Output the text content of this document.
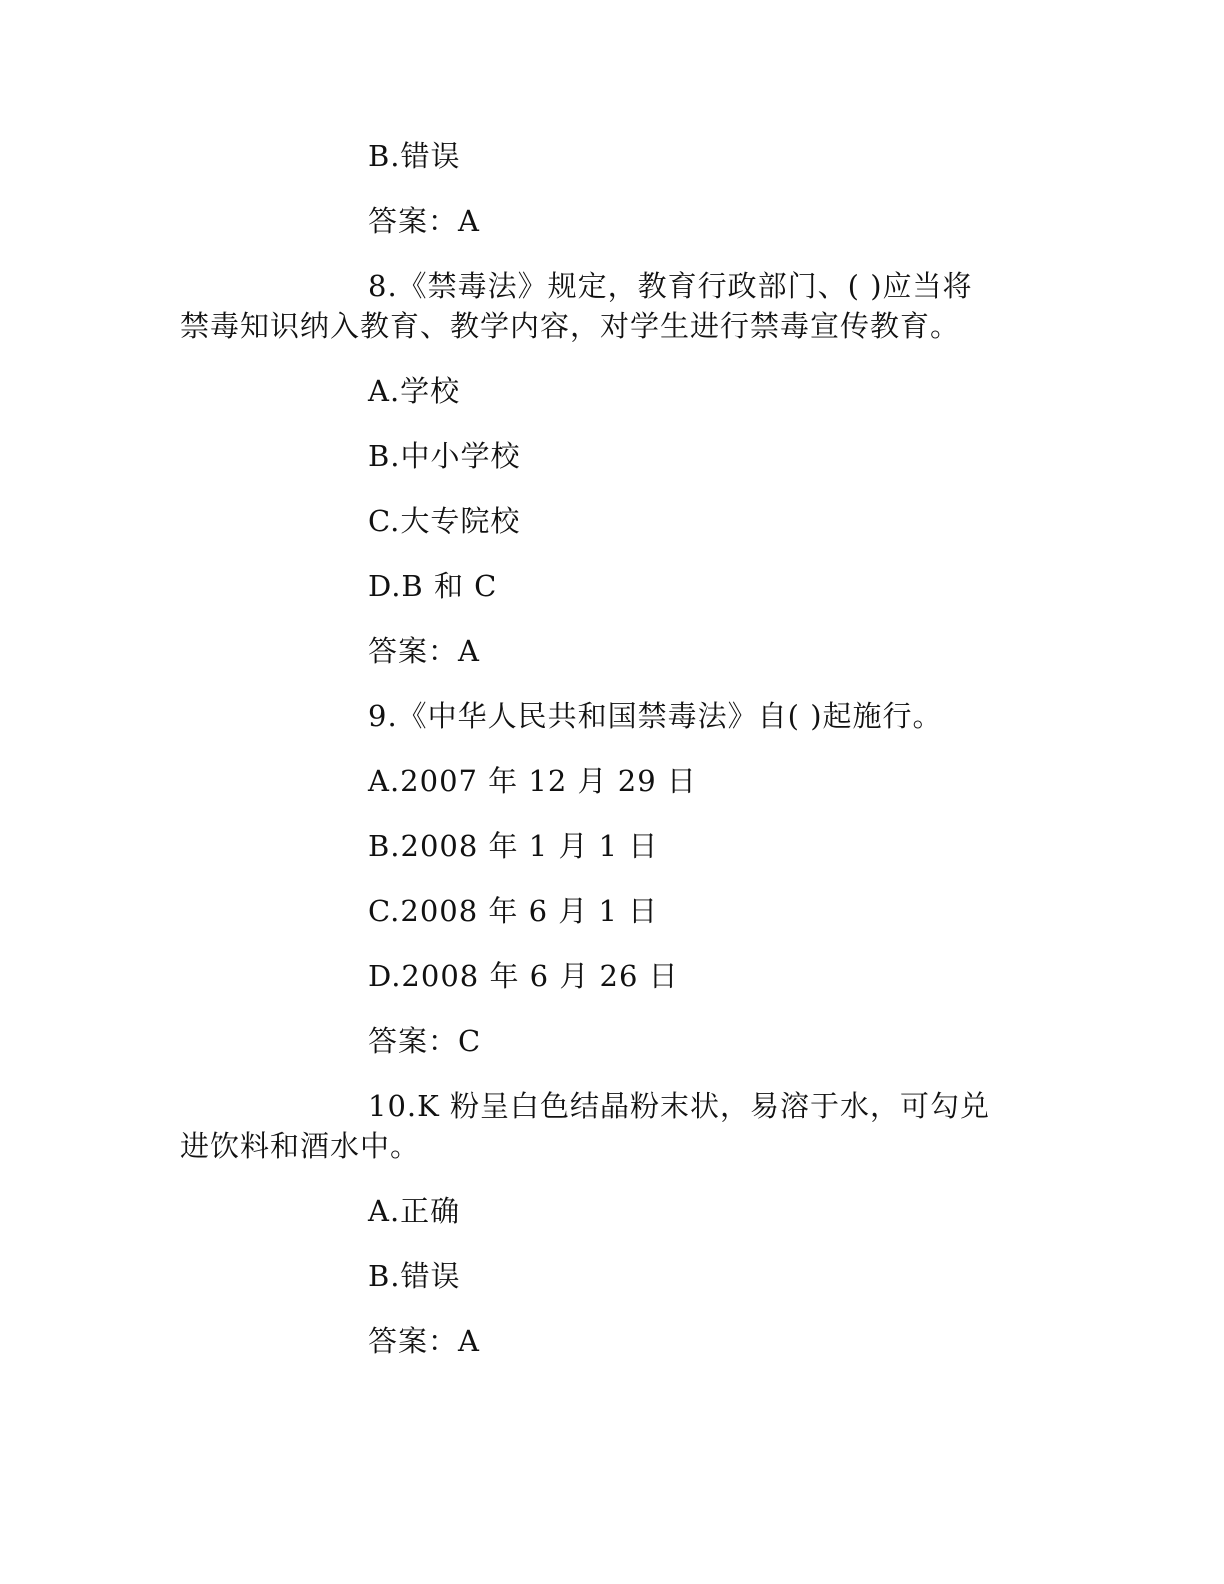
B.错误
答案：A
8.《禁毒法》规定，教育行政部门、( )应当将
禁毒知识纳入教育、教学内容，对学生进行禁毒宣传教育。
A.学校
B.中小学校
C.大专院校
D.B 和 C
答案：A
9.《中华人民共和国禁毒法》自( )起施行。
A.2007 年 12 月 29 日
B.2008 年 1 月 1 日
C.2008 年 6 月 1 日
D.2008 年 6 月 26 日
答案：C
10.K 粉呈白色结晶粉末状，易溶于水，可勾兑
进饮料和酒水中。
A.正确
B.错误
答案：A
